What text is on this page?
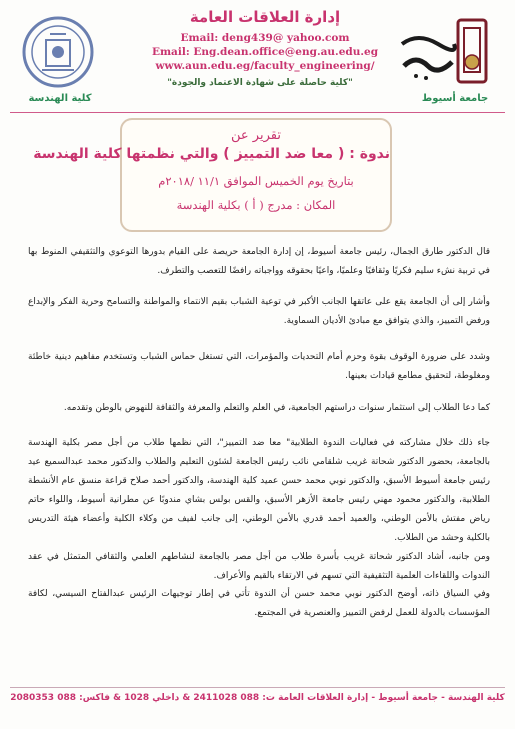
إدارة العلاقات العامة
Email: deng439@ yahoo.com
Email: Eng.dean.office@eng.au.edu.eg
www.aun.edu.eg/faculty_engineering/
"كلية حاصلة على شهادة الاعتماد والجودة"
جامعة أسيوط
كلية الهندسة
تقرير عن
ندوة : ( معا ضد التمييز ) والتي نظمتها كلية الهندسة
بتاريخ يوم الخميس الموافق ١١/١ /٢٠١٨م
المكان : مدرج ( أ ) بكلية الهندسة
قال الدكتور طارق الجمال، رئيس جامعة أسيوط، إن إدارة الجامعة حريصة على القيام بدورها التوعوي والتثقيفي المنوط بها في تربية نشء سليم فكريًا وثقافيًا وعلميًا، واعيًا بحقوقه وواجباته رافضًا للتعصب والتطرف.
وأشار إلى أن الجامعة يقع على عاتقها الجانب الأكبر في توعية الشباب بقيم الانتماء والمواطنة والتسامح وحرية الفكر والإبداع ورفض التمييز، والذي يتوافق مع مبادئ الأديان السماوية.
وشدد على ضرورة الوقوف بقوة وحزم أمام التحديات والمؤمرات، التي تستغل حماس الشباب وتستخدم مفاهيم دينية خاطئة ومغلوطة، لتحقيق مطامع قيادات بعينها.
كما دعا الطلاب إلى استثمار سنوات دراستهم الجامعية، في العلم والتعلم والمعرفة والثقافة للنهوض بالوطن وتقدمه.
جاء ذلك خلال مشاركته في فعاليات الندوة الطلابية" معا ضد التمييز"، التي نظمها طلاب من أجل مصر بكلية الهندسة بالجامعة، بحضور الدكتور شحاتة غريب شلقامي نائب رئيس الجامعة لشئون التعليم والطلاب والدكتور محمد عبدالسميع عيد رئيس جامعة أسيوط الأسبق، والدكتور نوبي محمد حسن عميد كلية الهندسة، والدكتور أحمد صلاح قراعة منسق عام الأنشطة الطلابية، والدكتور محمود مهني رئيس جامعة الأزهر الأسبق، والقس بولس بشاي مندوبًا عن مطرانية أسيوط، واللواء حاتم رياض مفتش بالأمن الوطني، والعميد أحمد قدري بالأمن الوطني، إلى جانب لفيف من وكلاء الكلية وأعضاء هيئة التدريس بالكلية وحشد من الطلاب.
ومن جانبه، أشاد الدكتور شحاتة غريب بأسرة طلاب من أجل مصر بالجامعة لنشاطهم العلمي والثقافي المتمثل في عقد الندوات واللقاءات العلمية التثقيفية التي تسهم في الارتقاء بالقيم والأعراف.
وفي السياق ذاته، أوضح الدكتور نوبي محمد حسن أن الندوة تأتي في إطار توجيهات الرئيس عبدالفتاح السيسي، لكافة المؤسسات بالدولة للعمل لرفض التمييز والعنصرية في المجتمع.
كلية الهندسة - جامعة أسيوط - إدارة العلاقات العامة ت: 088 2411028 & داخلي 1028 & فاكس: 088 2080353
